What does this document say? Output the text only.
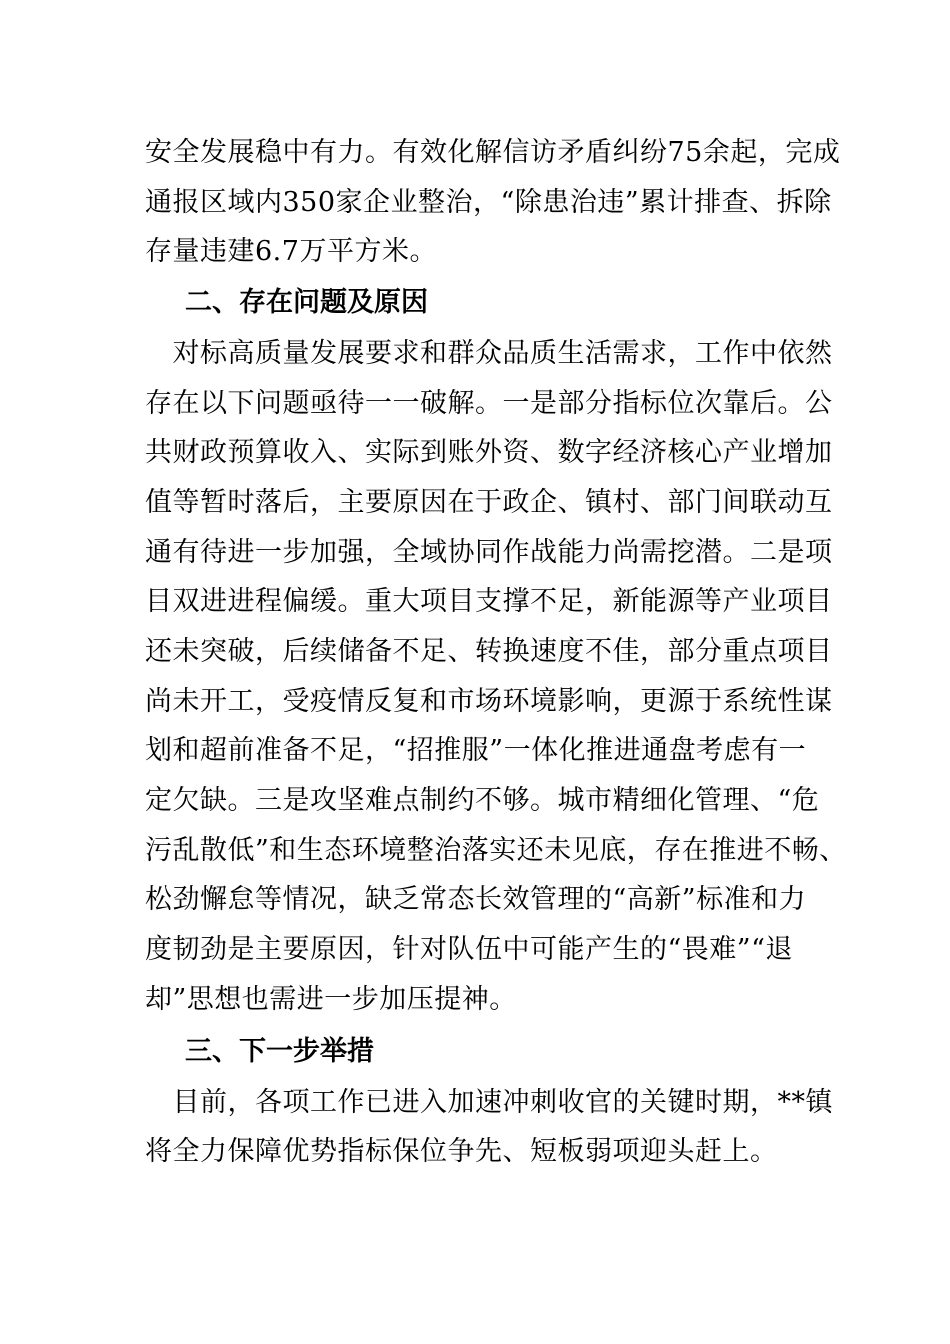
安全发展稳中有力。有效化解信访矛盾纠纷75余起，完成
通报区域内350家企业整治，“除患治违”累计排查、拆除
存量违建6.7万平方米。
二、存在问题及原因
　对标高质量发展要求和群众品质生活需求，工作中依然
存在以下问题亟待一一破解。一是部分指标位次靠后。公
共财政预算收入、实际到账外资、数字经济核心产业增加
值等暂时落后，主要原因在于政企、镇村、部门间联动互
通有待进一步加强，全域协同作战能力尚需挖潜。二是项
目双进进程偏缓。重大项目支撑不足，新能源等产业项目
还未突破，后续储备不足、转换速度不佳，部分重点项目
尚未开工，受疫情反复和市场环境影响，更源于系统性谋
划和超前准备不足，“招推服”一体化推进通盘考虑有一
定欠缺。三是攻坚难点制约不够。城市精细化管理、“危
污乱散低”和生态环境整治落实还未见底，存在推进不畅、
松劲懈怠等情况，缺乏常态长效管理的“高新”标准和力
度韧劲是主要原因，针对队伍中可能产生的“畏难”“退
却”思想也需进一步加压提神。
三、下一步举措
　目前，各项工作已进入加速冲刺收官的关键时期，**镇
将全力保障优势指标保位争先、短板弱项迎头赶上。
